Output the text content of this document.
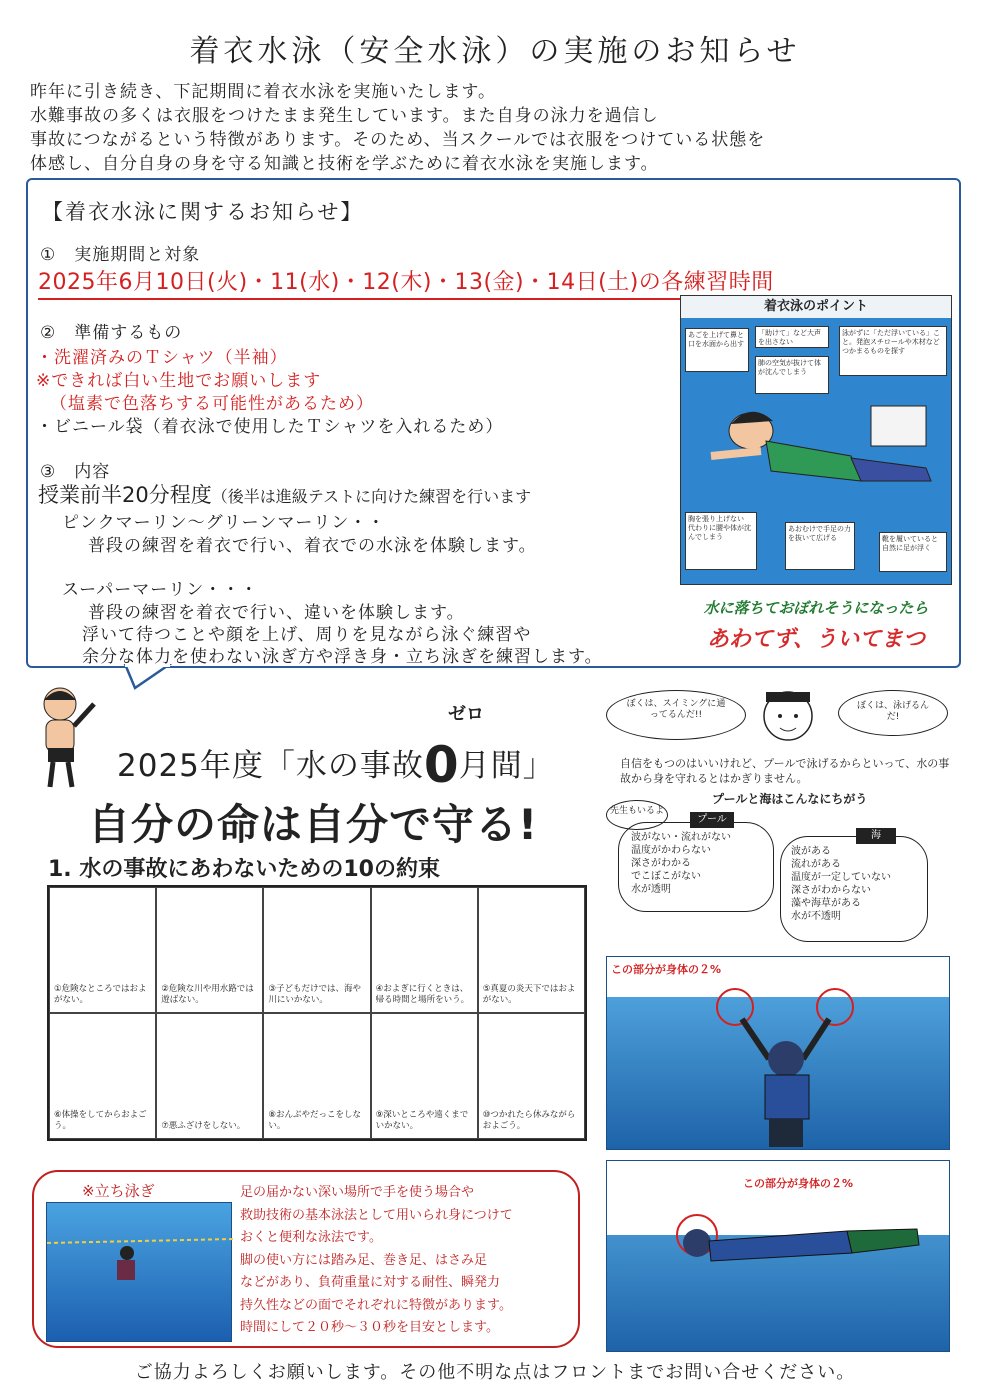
着衣水泳（安全水泳）の実施のお知らせ
昨年に引き続き、下記期間に着衣水泳を実施いたします。
水難事故の多くは衣服をつけたまま発生しています。また自身の泳力を過信し
事故につながるという特徴があります。そのため、当スクールでは衣服をつけている状態を
体感し、自分自身の身を守る知識と技術を学ぶために着衣水泳を実施します。
【着衣水泳に関するお知らせ】
①　実施期間と対象
2025年6月10日(火)・11(水)・12(木)・13(金)・14日(土)の各練習時間
②　準備するもの
・洗濯済みのＴシャツ（半袖）
※できれば白い生地でお願いします
（塩素で色落ちする可能性があるため）
・ビニール袋（着衣泳で使用したＴシャツを入れるため）
③　内容
授業前半20分程度（後半は進級テストに向けた練習を行います
ピンクマーリン〜グリーンマーリン・・
普段の練習を着衣で行い、着衣での水泳を体験します。
スーパーマーリン・・・
普段の練習を着衣で行い、違いを体験します。
浮いて待つことや顔を上げ、周りを見ながら泳ぐ練習や
余分な体力を使わない泳ぎ方や浮き身・立ち泳ぎを練習します。
着衣泳のポイント
あごを上げて鼻と口を水面から出す
「助けて」など大声を出さない
肺の空気が抜けて体が沈んでしまう
泳がずに「ただ浮いている」こと。発泡スチロールや木材などつかまるものを探す
胸を張り上げない
代わりに腰や体が沈んでしまう
あおむけで手足の力を抜いて広げる	靴を履いていると自然に足が浮く
水に落ちておぼれそうになったら
あわてず、ういてまつ
2025年度「水の事故0月間」
ゼロ
自分の命は自分で守る!
1. 水の事故にあわないための10の約束
①危険なところではおよがない。
②危険な川や用水路では遊ばない。
③子どもだけでは、海や川にいかない。
④およぎに行くときは、帰る時間と場所をいう。
⑤真夏の炎天下ではおよがない。
⑥体操をしてからおよごう。	⑦悪ふざけをしない。
⑧おんぶやだっこをしない。
⑨深いところや遠くまでいかない。
⑩つかれたら休みながらおよごう。
ぼくは、スイミングに通ってるんだ!!
ぼくは、泳げるんだ!
自信をもつのはいいけれど、プールで泳げるからといって、水の事故から身を守れるとはかぎりません。
プールと海はこんなにちがう
先生もいるよ
波がない・流れがない
温度がかわらない
深さがわかる
でこぼこがない
水が透明
プール
波がある
流れがある
温度が一定していない
深さがわからない
藻や海草がある
水が不透明
海
この部分が身体の２%
この部分が身体の２%
※立ち泳ぎ	足の届かない深い場所で手を使う場合や
救助技術の基本泳法として用いられ身につけて
おくと便利な泳法です。
脚の使い方には踏み足、巻き足、はさみ足
などがあり、負荷重量に対する耐性、瞬発力
持久性などの面でそれぞれに特徴があります。
時間にして２０秒〜３０秒を目安とします。
ご協力よろしくお願いします。その他不明な点はフロントまでお問い合せください。
